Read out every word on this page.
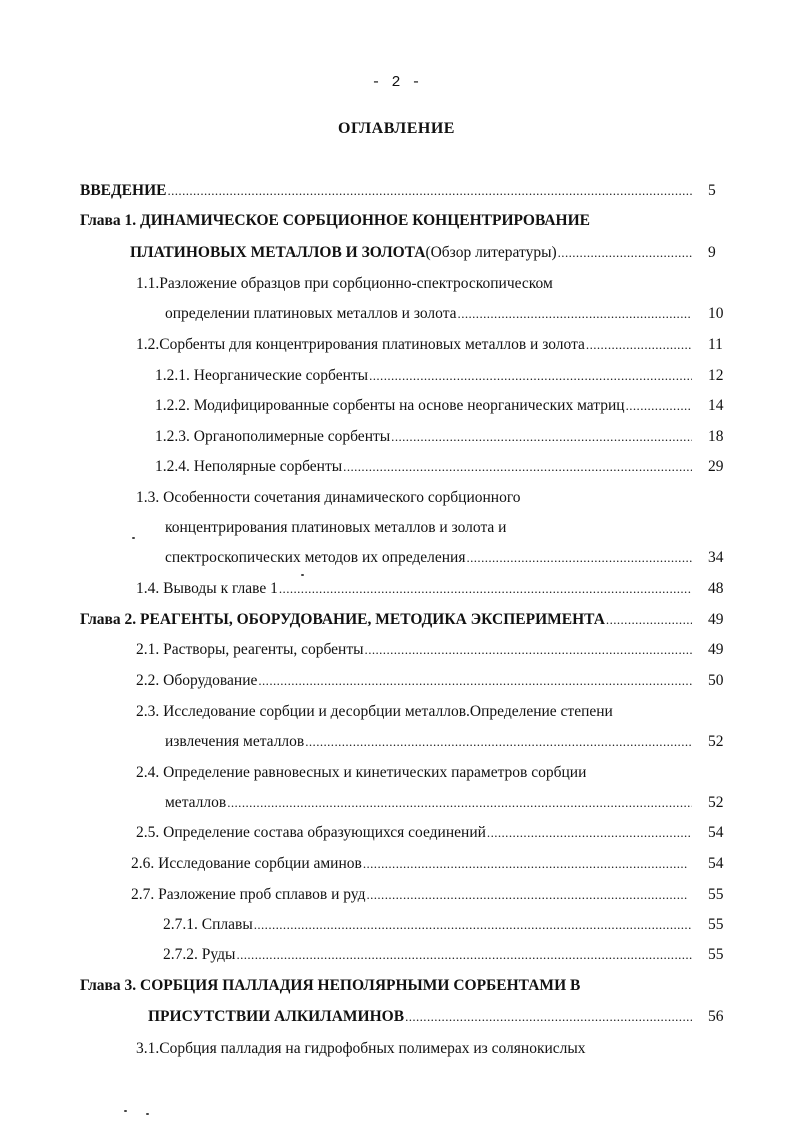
- 2 -
ОГЛАВЛЕНИЕ
ВВЕДЕНИЕ .....	5
Глава 1. ДИНАМИЧЕСКОЕ СОРБЦИОННОЕ КОНЦЕНТРИРОВАНИЕ
ПЛАТИНОВЫХ МЕТАЛЛОВ И ЗОЛОТА (Обзор литературы) .....	9
1.1.Разложение образцов при сорбционно-спектроскопическом
определении платиновых металлов и золота .....	10
1.2.Сорбенты для концентрирования платиновых металлов и золота .....	11
1.2.1. Неорганические сорбенты .....	12
1.2.2. Модифицированные сорбенты на основе неорганических матриц .....	14
1.2.3. Органополимерные сорбенты .....	18
1.2.4. Неполярные сорбенты .....	29
1.3. Особенности сочетания динамического сорбционного
концентрирования платиновых металлов и золота и
спектроскопических методов их определения .....	34
1.4. Выводы к главе 1 .....	48
Глава 2. РЕАГЕНТЫ, ОБОРУДОВАНИЕ, МЕТОДИКА ЭКСПЕРИМЕНТА .....	49
2.1. Растворы, реагенты, сорбенты .....	49
2.2. Оборудование .....	50
2.3. Исследование сорбции и десорбции металлов.Определение степени
извлечения металлов .....	52
2.4. Определение равновесных и кинетических параметров сорбции
металлов .....	52
2.5. Определение состава образующихся соединений .....	54
2.6. Исследование сорбции аминов .....	54
2.7. Разложение проб сплавов и руд .....	55
2.7.1. Сплавы .....	55
2.7.2. Руды .....	55
Глава 3. СОРБЦИЯ ПАЛЛАДИЯ НЕПОЛЯРНЫМИ СОРБЕНТАМИ В
ПРИСУТСТВИИ АЛКИЛАМИНОВ .....	56
3.1.Сорбция палладия на гидрофобных полимерах из солянокислых
